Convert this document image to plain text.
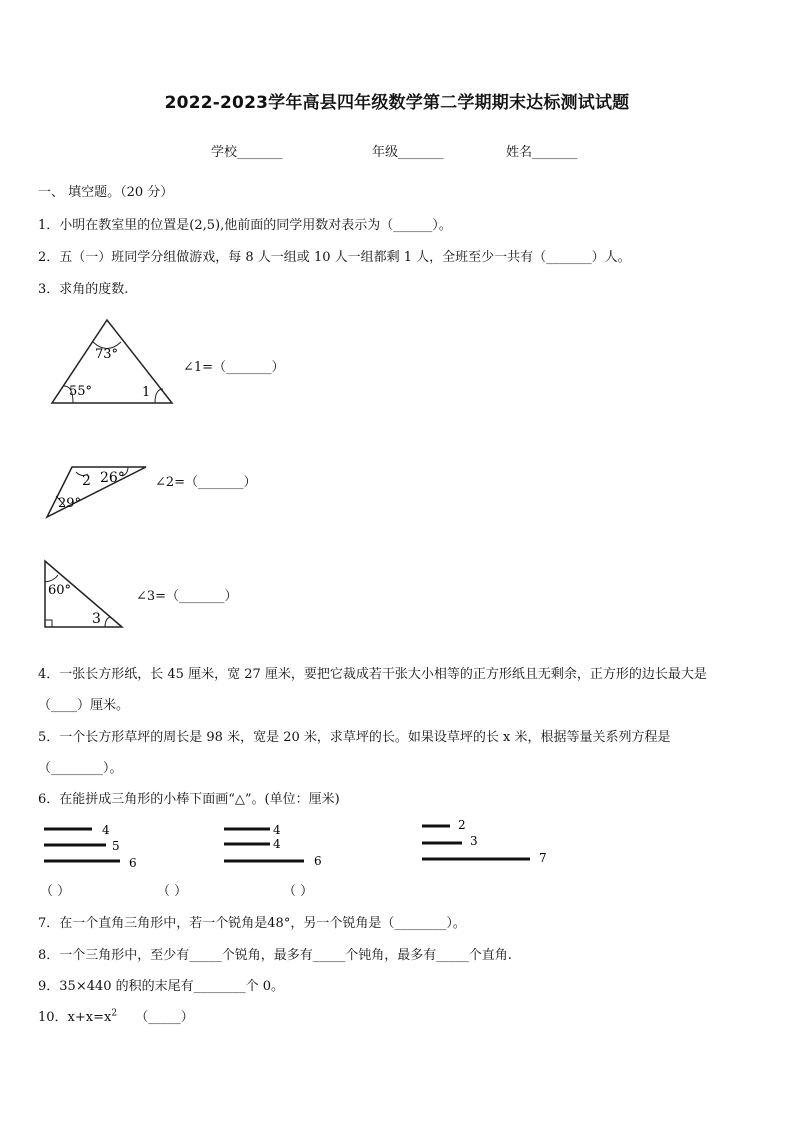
2022-2023学年高县四年级数学第二学期期末达标测试试题
学校_______	年级_______	姓名_______
一、 填空题。（20 分）
1．小明在教室里的位置是(2,5),他前面的同学用数对表示为（______）。
2．五（一）班同学分组做游戏，每 8 人一组或 10 人一组都剩 1 人，全班至少一共有（_______）人。
3．求角的度数.
73°
55°	1
∠1=（_______）
2 26°
29°
∠2=（_______）
60°
3
∠3=（_______）
4．一张长方形纸，长 45 厘米，宽 27 厘米，要把它裁成若干张大小相等的正方形纸且无剩余，正方形的边长最大是
（____）厘米。
5．一个长方形草坪的周长是 98 米，宽是 20 米，求草坪的长。如果设草坪的长 x 米，根据等量关系列方程是
（________）。
6．在能拼成三角形的小棒下面画“△”。(单位：厘米)
4
5
6
4
4
6
2
3
7
（ ）	（ ）	（ ）
7．在一个直角三角形中，若一个锐角是48°，另一个锐角是（________）。
8．一个三角形中，至少有_____个锐角，最多有_____个钝角，最多有_____个直角.
9．35×440 的积的末尾有________个 0。
10．$x+x=x^2$ （_____）
